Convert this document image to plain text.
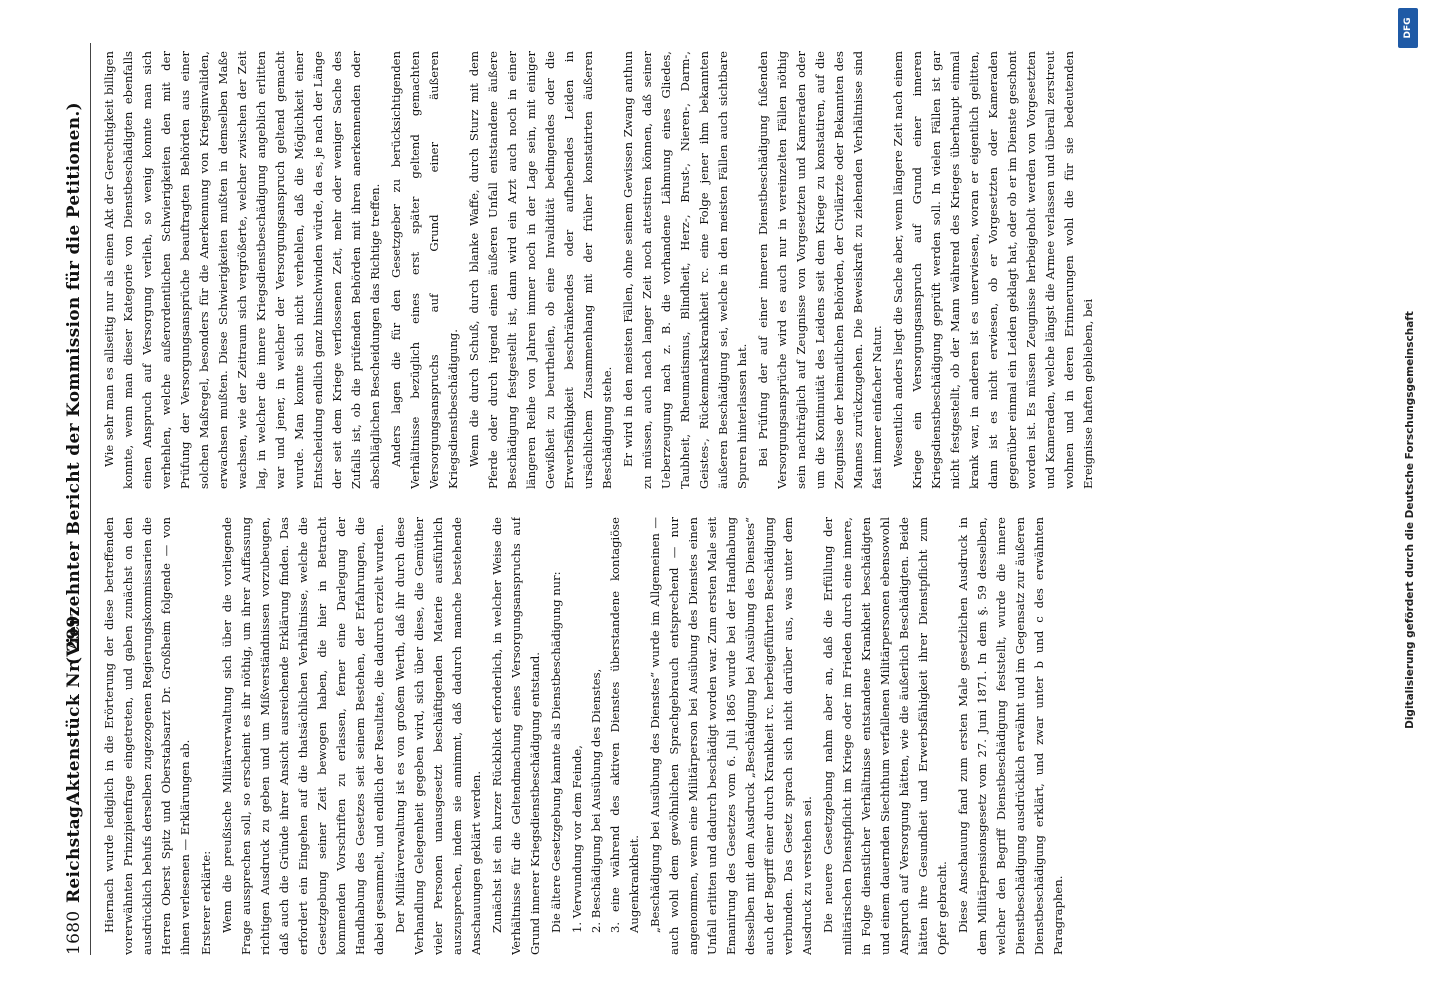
1680
Reichstag.
Aktenstück Nr. 299.
(Vierzehnter Bericht der Kommission für die Petitionen.)

Hiernach wurde lediglich in die Erörterung der diese betreffenden vorerwähnten Prinzipienfrage eingetreten, und gaben zunächst on den ausdrücklich behufs derselben zugezogenen Regierungskommissarien die Herren Oberst Spitz und Oberstabsarzt Dr. Großheim folgende — von ihnen verlesenen — Erklärungen ab. Ersterer erklärte: Wenn die preußische Militärverwaltung sich über die vorliegende Frage aussprechen soll, so erscheint es ihr nöthig, um ihrer Auffassung richtigen Ausdruck zu geben und um Mißverständnissen vorzubeugen, daß auch die Gründe ihrer Ansicht ausreichende Erklärung finden. Das erfordert ein Eingehen auf die thatsächlichen Verhältnisse, welche die Gesetzgebung seiner Zeit bewogen haben, die hier in Betracht kommenden Vorschriften zu erlassen, ferner eine Darlegung der Handhabung des Gesetzes seit seinem Bestehen, der Erfahrungen, die dabei gesammelt, und endlich der Resultate, die dadurch erzielt wurden. Der Militärverwaltung ist es von großem Werth, daß ihr durch diese Verhandlung Gelegenheit gegeben wird, sich über diese, die Gemüther vieler Personen unausgesetzt beschäftigenden Materie ausführlich auszusprechen, indem sie annimmt, daß dadurch manche bestehende Anschauungen geklärt werden. Zunächst ist ein kurzer Rückblick erforderlich, in welcher Weise die Verhältnisse für die Geltendmachung eines Versorgungsanspruchs auf Grund innerer Kriegsdienstbeschädigung entstand. Die ältere Gesetzgebung kannte als Dienstbeschädigung nur: 1. Verwundung vor dem Feinde, 2. Beschädigung bei Ausübung des Dienstes, 3. eine während des aktiven Dienstes überstandene kontagiöse Augenkrankheit. „Beschädigung bei Ausübung des Dienstes“ wurde im Allgemeinen — auch wohl dem gewöhnlichen Sprachgebrauch entsprechend — nur angenommen, wenn eine Militärperson bei Ausübung des Dienstes einen Unfall erlitten und dadurch beschädigt worden war. Zum ersten Male seit Emanirung des Gesetzes vom 6. Juli 1865 wurde bei der Handhabung desselben mit dem Ausdruck „Beschädigung bei Ausübung des Dienstes“ auch der Begriff einer durch Krankheit rc. herbeigeführten Beschädigung verbunden. Das Gesetz sprach sich nicht darüber aus, was unter dem Ausdruck zu verstehen sei. Die neuere Gesetzgebung nahm aber an, daß die Erfüllung der militärischen Dienstpflicht im Kriege oder im Frieden durch eine innere, in Folge dienstlicher Verhältnisse entstandene Krankheit beschädigten und einem dauernden Siechthum verfallenen Militärpersonen ebensowohl Anspruch auf Versorgung hätten, wie die äußerlich Beschädigten. Beide hätten ihre Gesundheit und Erwerbsfähigkeit ihrer Dienstpflicht zum Opfer gebracht. Diese Anschauung fand zum ersten Male gesetzlichen Ausdruck in dem Militärpensionsgesetz vom 27. Juni 1871. In dem §. 59 desselben, welcher den Begriff Dienstbeschädigung feststellt, wurde die innere Dienstbeschädigung ausdrücklich erwähnt und im Gegensatz zur äußeren Dienstbeschädigung erklärt, und zwar unter b und c des erwähnten Paragraphen.

Wie sehr man es allseitig nur als einen Akt der Gerechtigkeit billigen konnte, wenn man dieser Kategorie von Dienstbeschädigten ebenfalls einen Anspruch auf Versorgung verlieh, so wenig konnte man sich verhehlen, welche außerordentlichen Schwierigkeiten den mit der Prüfung der Versorgungsansprüche beauftragten Behörden aus einer solchen Maßregel, besonders für die Anerkennung von Kriegsinvaliden, erwachsen mußten. Diese Schwierigkeiten mußten in demselben Maße wachsen, wie der Zeitraum sich vergrößerte, welcher zwischen der Zeit lag, in welcher die innere Kriegsdienstbeschädigung angeblich erlitten war und jener, in welcher der Versorgungsanspruch geltend gemacht wurde. Man konnte sich nicht verhehlen, daß die Möglichkeit einer Entscheidung endlich ganz hinschwinden würde, da es, je nach der Länge der seit dem Kriege verflossenen Zeit, mehr oder weniger Sache des Zufalls ist, ob die prüfenden Behörden mit ihren anerkennenden oder abschläglichen Bescheidungen das Richtige treffen. Anders lagen die für den Gesetzgeber zu berücksichtigenden Verhältnisse bezüglich eines erst später geltend gemachten Versorgungsanspruchs auf Grund einer äußeren Kriegsdienstbeschädigung. Wenn die durch Schuß, durch blanke Waffe, durch Sturz mit dem Pferde oder durch irgend einen äußeren Unfall entstandene äußere Beschädigung festgestellt ist, dann wird ein Arzt auch noch in einer längeren Reihe von Jahren immer noch in der Lage sein, mit einiger Gewißheit zu beurtheilen, ob eine Invalidität bedingendes oder die Erwerbsfähigkeit beschränkendes oder aufhebendes Leiden in ursächlichem Zusammenhang mit der früher konstatirten äußeren Beschädigung stehe. Er wird in den meisten Fällen, ohne seinem Gewissen Zwang anthun zu müssen, auch nach langer Zeit noch attestiren können, daß seiner Ueberzeugung nach z. B. die vorhandene Lähmung eines Gliedes, Taubheit, Rheumatismus, Blindheit, Herz-, Brust-, Nieren-, Darm-, Geistes-, Rückenmarkskrankheit rc. eine Folge jener ihm bekannten äußeren Beschädigung sei, welche in den meisten Fällen auch sichtbare Spuren hinterlassen hat. Bei Prüfung der auf einer inneren Dienstbeschädigung fußenden Versorgungsansprüche wird es auch nur in vereinzelten Fällen nöthig sein nachträglich auf Zeugnisse von Vorgesetzten und Kameraden oder um die Kontinuität des Leidens seit dem Kriege zu konstatiren, auf die Zeugnisse der heimatlichen Behörden, der Civilärzte oder Bekannten des Mannes zurückzugehen. Die Beweiskraft zu ziehenden Verhältnisse sind fast immer einfacher Natur. Wesentlich anders liegt die Sache aber, wenn längere Zeit nach einem Kriege ein Versorgungsanspruch auf Grund einer inneren Kriegsdienstbeschädigung geprüft werden soll. In vielen Fällen ist gar nicht festgestellt, ob der Mann während des Krieges überhaupt einmal krank war, in anderen ist es unerwiesen, woran er eigentlich gelitten, dann ist es nicht erwiesen, ob er Vorgesetzten oder Kameraden gegenüber einmal ein Leiden geklagt hat, oder ob er im Dienste geschont worden ist. Es müssen Zeugnisse herbeigeholt werden von Vorgesetzten und Kameraden, welche längst die Armee verlassen und überall zerstreut wohnen und in deren Erinnerungen wohl die für sie bedeutenden Ereignisse haften geblieben, bei	Digitalisierung gefördert durch die Deutsche Forschungsgemeinschaft
DFG
